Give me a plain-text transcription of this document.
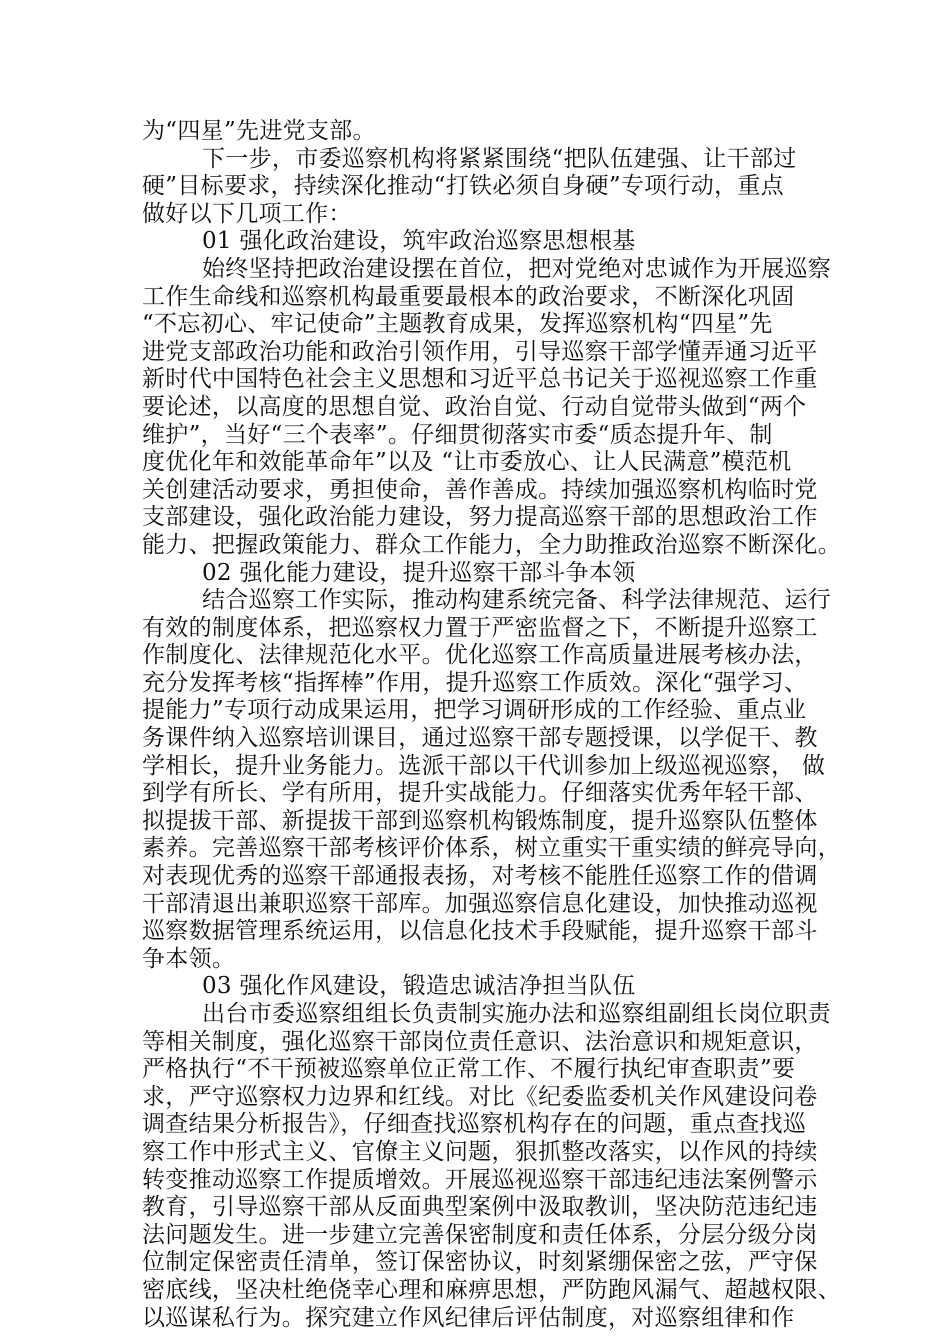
为“四星”先进党支部。
下一步，市委巡察机构将紧紧围绕“把队伍建强、让干部过
硬”目标要求，持续深化推动“打铁必须自身硬”专项行动，重点
做好以下几项工作：
01 强化政治建设，筑牢政治巡察思想根基
始终坚持把政治建设摆在首位，把对党绝对忠诚作为开展巡察
工作生命线和巡察机构最重要最根本的政治要求，不断深化巩固
“不忘初心、牢记使命”主题教育成果，发挥巡察机构“四星”先
进党支部政治功能和政治引领作用，引导巡察干部学懂弄通习近平
新时代中国特色社会主义思想和习近平总书记关于巡视巡察工作重
要论述，以高度的思想自觉、政治自觉、行动自觉带头做到“两个
维护”，当好“三个表率”。仔细贯彻落实市委“质态提升年、制
度优化年和效能革命年”以及 “让市委放心、让人民满意”模范机
关创建活动要求，勇担使命，善作善成。持续加强巡察机构临时党
支部建设，强化政治能力建设，努力提高巡察干部的思想政治工作
能力、把握政策能力、群众工作能力，全力助推政治巡察不断深化。
02 强化能力建设，提升巡察干部斗争本领
结合巡察工作实际，推动构建系统完备、科学法律规范、运行
有效的制度体系，把巡察权力置于严密监督之下，不断提升巡察工
作制度化、法律规范化水平。优化巡察工作高质量进展考核办法，
充分发挥考核“指挥棒”作用，提升巡察工作质效。深化“强学习、
提能力”专项行动成果运用，把学习调研形成的工作经验、重点业
务课件纳入巡察培训课目，通过巡察干部专题授课，以学促干、教
学相长，提升业务能力。选派干部以干代训参加上级巡视巡察， 做
到学有所长、学有所用，提升实战能力。仔细落实优秀年轻干部、
拟提拔干部、新提拔干部到巡察机构锻炼制度，提升巡察队伍整体
素养。完善巡察干部考核评价体系，树立重实干重实绩的鲜亮导向，
对表现优秀的巡察干部通报表扬，对考核不能胜任巡察工作的借调
干部清退出兼职巡察干部库。加强巡察信息化建设，加快推动巡视
巡察数据管理系统运用，以信息化技术手段赋能，提升巡察干部斗
争本领。
03 强化作风建设，锻造忠诚洁净担当队伍
出台市委巡察组组长负责制实施办法和巡察组副组长岗位职责
等相关制度，强化巡察干部岗位责任意识、法治意识和规矩意识，
严格执行“不干预被巡察单位正常工作、不履行执纪审查职责”要
求，严守巡察权力边界和红线。对比《纪委监委机关作风建设问卷
调查结果分析报告》，仔细查找巡察机构存在的问题，重点查找巡
察工作中形式主义、官僚主义问题，狠抓整改落实，以作风的持续
转变推动巡察工作提质增效。开展巡视巡察干部违纪违法案例警示
教育，引导巡察干部从反面典型案例中汲取教训，坚决防范违纪违
法问题发生。进一步建立完善保密制度和责任体系，分层分级分岗
位制定保密责任清单，签订保密协议，时刻紧绷保密之弦，严守保
密底线，坚决杜绝侥幸心理和麻痹思想，严防跑风漏气、超越权限、
以巡谋私行为。探究建立作风纪律后评估制度，对巡察组律和作
